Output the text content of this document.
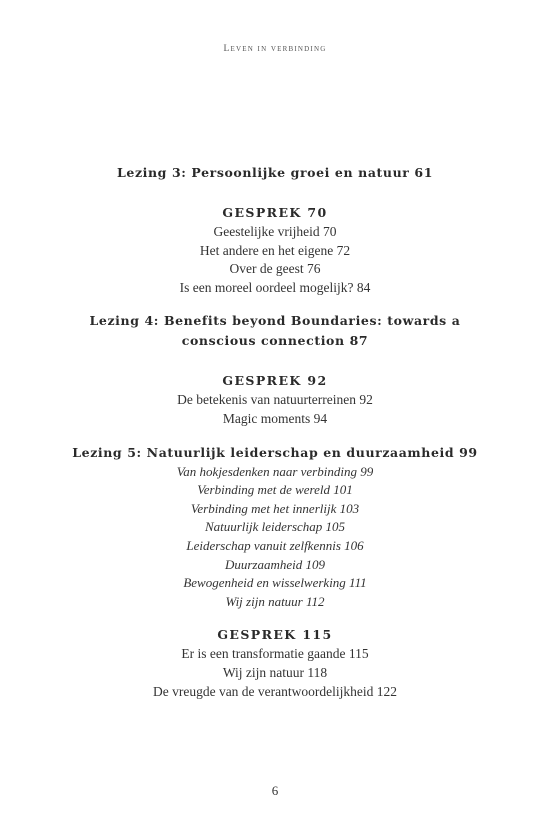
Leven in verbinding
Lezing 3: Persoonlijke groei en natuur 61
GESPREK 70
Geestelijke vrijheid 70
Het andere en het eigene 72
Over de geest 76
Is een moreel oordeel mogelijk? 84
Lezing 4: Benefits beyond Boundaries: towards a
conscious connection 87
GESPREK 92
De betekenis van natuurterreinen 92
Magic moments 94
Lezing 5: Natuurlijk leiderschap en duurzaamheid 99
Van hokjesdenken naar verbinding 99
Verbinding met de wereld 101
Verbinding met het innerlijk 103
Natuurlijk leiderschap 105
Leiderschap vanuit zelfkennis 106
Duurzaamheid 109
Bewogenheid en wisselwerking 111
Wij zijn natuur 112
GESPREK 115
Er is een transformatie gaande 115
Wij zijn natuur 118
De vreugde van de verantwoordelijkheid 122
6
